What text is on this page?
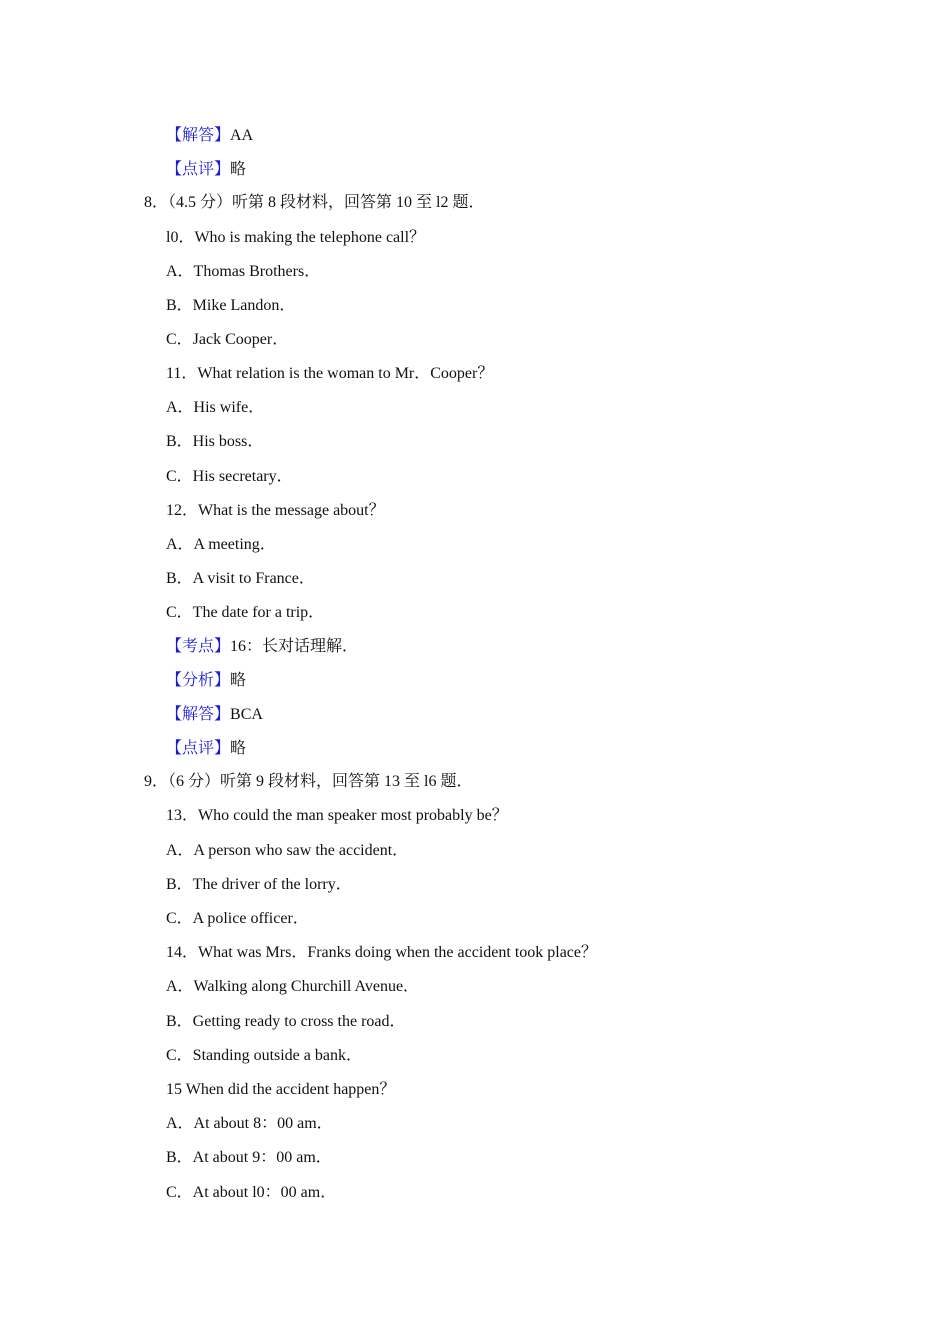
【解答】AA
【点评】略
8．（4.5 分）听第 8 段材料，回答第 10 至 l2 题．
l0．Who is making the telephone call？
A．Thomas Brothers．
B．Mike Landon．
C．Jack Cooper．
11．What relation is the woman to Mr．Cooper？
A．His wife．
B．His boss．
C．His secretary．
12．What is the message about？
A．A meeting．
B．A visit to France．
C．The date for a trip．
【考点】16：长对话理解．
【分析】略
【解答】BCA
【点评】略
9．（6 分）听第 9 段材料，回答第 13 至 l6 题．
13．Who could the man speaker most probably be？
A．A person who saw the accident．
B．The driver of the lorry．
C．A police officer．
14．What was Mrs．Franks doing when the accident took place？
A．Walking along Churchill Avenue．
B．Getting ready to cross the road．
C．Standing outside a bank．
15 When did the accident happen？
A．At about 8：00 am．
B．At about 9：00 am．
C．At about l0：00 am．
